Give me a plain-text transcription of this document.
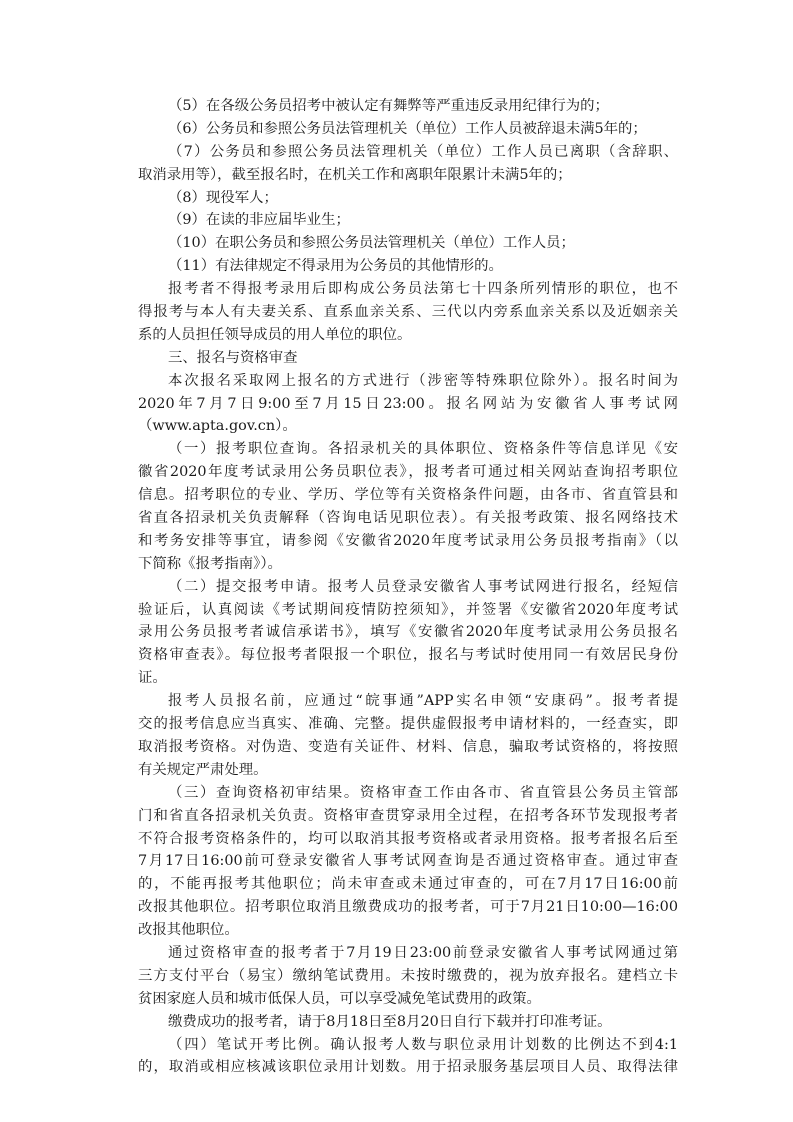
（5）在各级公务员招考中被认定有舞弊等严重违反录用纪律行为的；
（6）公务员和参照公务员法管理机关（单位）工作人员被辞退未满5年的；
（7）公务员和参照公务员法管理机关（单位）工作人员已离职（含辞职、
取消录用等），截至报名时，在机关工作和离职年限累计未满5年的；
（8）现役军人；
（9）在读的非应届毕业生；
（10）在职公务员和参照公务员法管理机关（单位）工作人员；
（11）有法律规定不得录用为公务员的其他情形的。
报考者不得报考录用后即构成公务员法第七十四条所列情形的职位，也不
得报考与本人有夫妻关系、直系血亲关系、三代以内旁系血亲关系以及近姻亲关
系的人员担任领导成员的用人单位的职位。
三、报名与资格审查
本次报名采取网上报名的方式进行（涉密等特殊职位除外）。报名时间为
2020年7月7日9:00至7月15日23:00。报名网站为安徽省人事考试网
（www.apta.gov.cn）。
（一）报考职位查询。各招录机关的具体职位、资格条件等信息详见《安
徽省2020年度考试录用公务员职位表》，报考者可通过相关网站查询招考职位
信息。招考职位的专业、学历、学位等有关资格条件问题，由各市、省直管县和
省直各招录机关负责解释（咨询电话见职位表）。有关报考政策、报名网络技术
和考务安排等事宜，请参阅《安徽省2020年度考试录用公务员报考指南》（以
下简称《报考指南》）。
（二）提交报考申请。报考人员登录安徽省人事考试网进行报名，经短信
验证后，认真阅读《考试期间疫情防控须知》，并签署《安徽省2020年度考试
录用公务员报考者诚信承诺书》，填写《安徽省2020年度考试录用公务员报名
资格审查表》。每位报考者限报一个职位，报名与考试时使用同一有效居民身份
证。
报考人员报名前，应通过“皖事通”APP实名申领“安康码”。报考者提
交的报考信息应当真实、准确、完整。提供虚假报考申请材料的，一经查实，即
取消报考资格。对伪造、变造有关证件、材料、信息，骗取考试资格的，将按照
有关规定严肃处理。
（三）查询资格初审结果。资格审查工作由各市、省直管县公务员主管部
门和省直各招录机关负责。资格审查贯穿录用全过程，在招考各环节发现报考者
不符合报考资格条件的，均可以取消其报考资格或者录用资格。报考者报名后至
7月17日16:00前可登录安徽省人事考试网查询是否通过资格审查。通过审查
的，不能再报考其他职位；尚未审查或未通过审查的，可在7月17日16:00前
改报其他职位。招考职位取消且缴费成功的报考者，可于7月21日10:00—16:00
改报其他职位。
通过资格审查的报考者于7月19日23:00前登录安徽省人事考试网通过第
三方支付平台（易宝）缴纳笔试费用。未按时缴费的，视为放弃报名。建档立卡
贫困家庭人员和城市低保人员，可以享受减免笔试费用的政策。
缴费成功的报考者，请于8月18日至8月20日自行下载并打印准考证。
（四）笔试开考比例。确认报考人数与职位录用计划数的比例达不到4:1
的，取消或相应核减该职位录用计划数。用于招录服务基层项目人员、取得法律
